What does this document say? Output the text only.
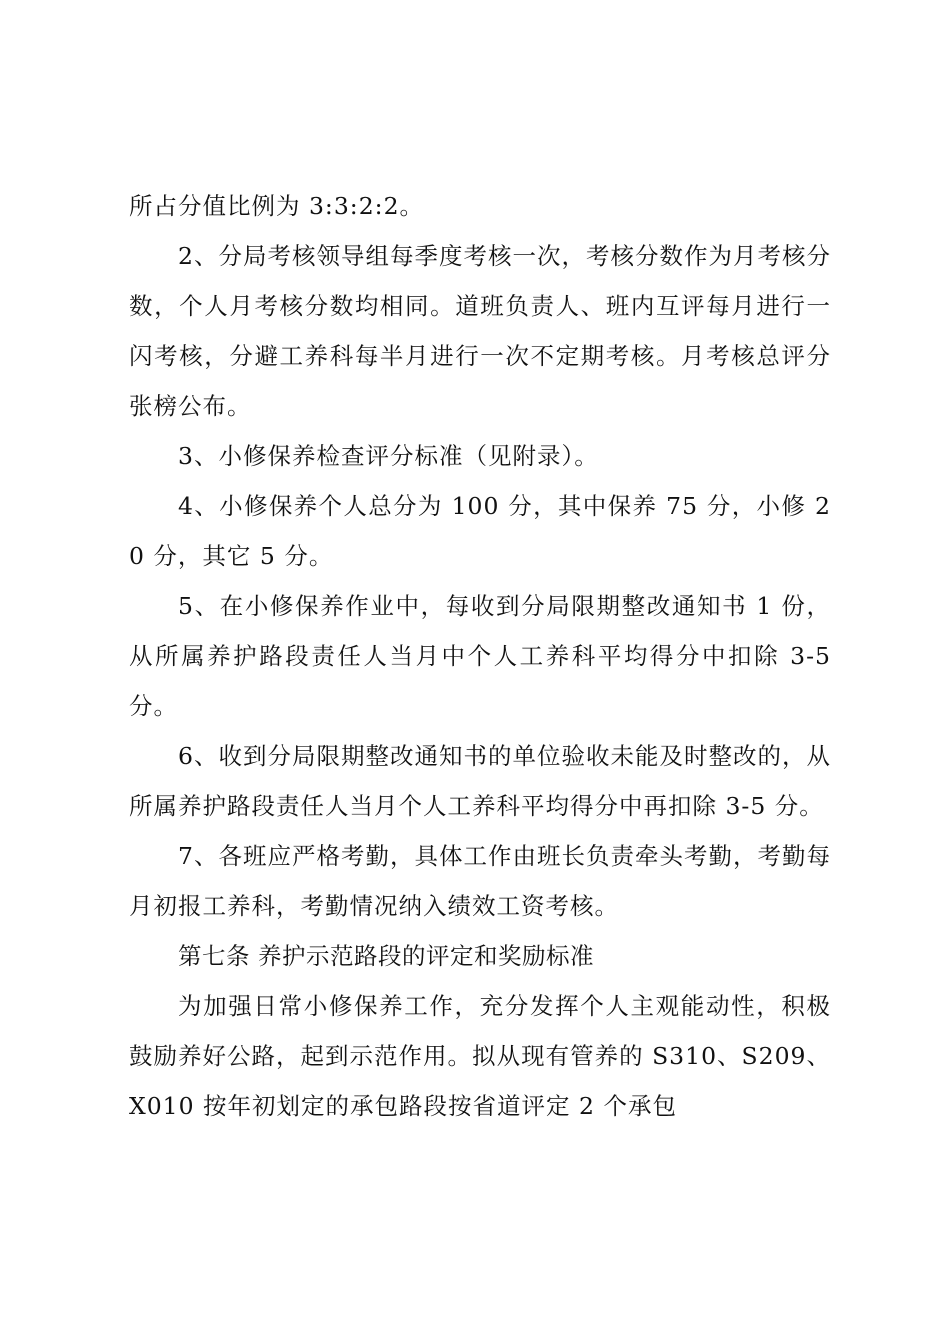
所占分值比例为 3:3:2:2。

2、分局考核领导组每季度考核一次，考核分数作为月考核分数，个人月考核分数均相同。道班负责人、班内互评每月进行一闪考核，分避工养科每半月进行一次不定期考核。月考核总评分张榜公布。

3、小修保养检查评分标准（见附录）。

4、小修保养个人总分为 100 分，其中保养 75 分，小修 20 分，其它 5 分。

5、在小修保养作业中，每收到分局限期整改通知书 1 份，从所属养护路段责任人当月中个人工养科平均得分中扣除 3-5 分。

6、收到分局限期整改通知书的单位验收未能及时整改的，从所属养护路段责任人当月个人工养科平均得分中再扣除 3-5 分。

7、各班应严格考勤，具体工作由班长负责牵头考勤，考勤每月初报工养科，考勤情况纳入绩效工资考核。

第七条 养护示范路段的评定和奖励标准

为加强日常小修保养工作，充分发挥个人主观能动性，积极鼓励养好公路，起到示范作用。拟从现有管养的 S310、S209、X010 按年初划定的承包路段按省道评定 2 个承包
